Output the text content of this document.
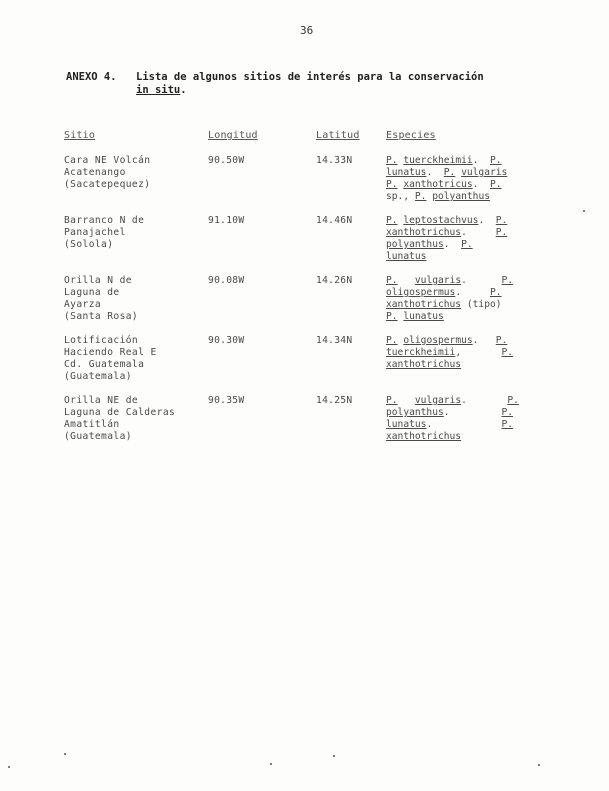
36
ANEXO 4. Lista de algunos sitios de interés para la conservación
in situ.
Sitio	Longitud	Latitud	Especies
Cara NE Volcán
Acatenango
(Sacatepequez)
90.50W	14.33N	P. tuerckheimii.  P.
lunatus.  P. vulgaris
P. xanthotricus.  P.
sp., P. polyanthus
Barranco N de
Panajachel
(Solola)
91.10W	14.46N	P. leptostachvus.  P.
xanthotrichus.     P.
polyanthus.  P.
lunatus
Orilla N de
Laguna de
Ayarza
(Santa Rosa)
90.08W	14.26N	P. vulgaris.      P.
oligospermus.     P.
xanthotrichus (tipo)
P. lunatus
Lotificación
Haciendo Real E
Cd. Guatemala
(Guatemala)
90.30W	14.34N	P. oligospermus.   P.
tuerckheimii,       P.
xanthotrichus
Orilla NE de
Laguna de Calderas
Amatitlán
(Guatemala)
90.35W	14.25N	P. vulgaris.       P.
polyanthus.         P.
lunatus.            P.
xanthotrichus
